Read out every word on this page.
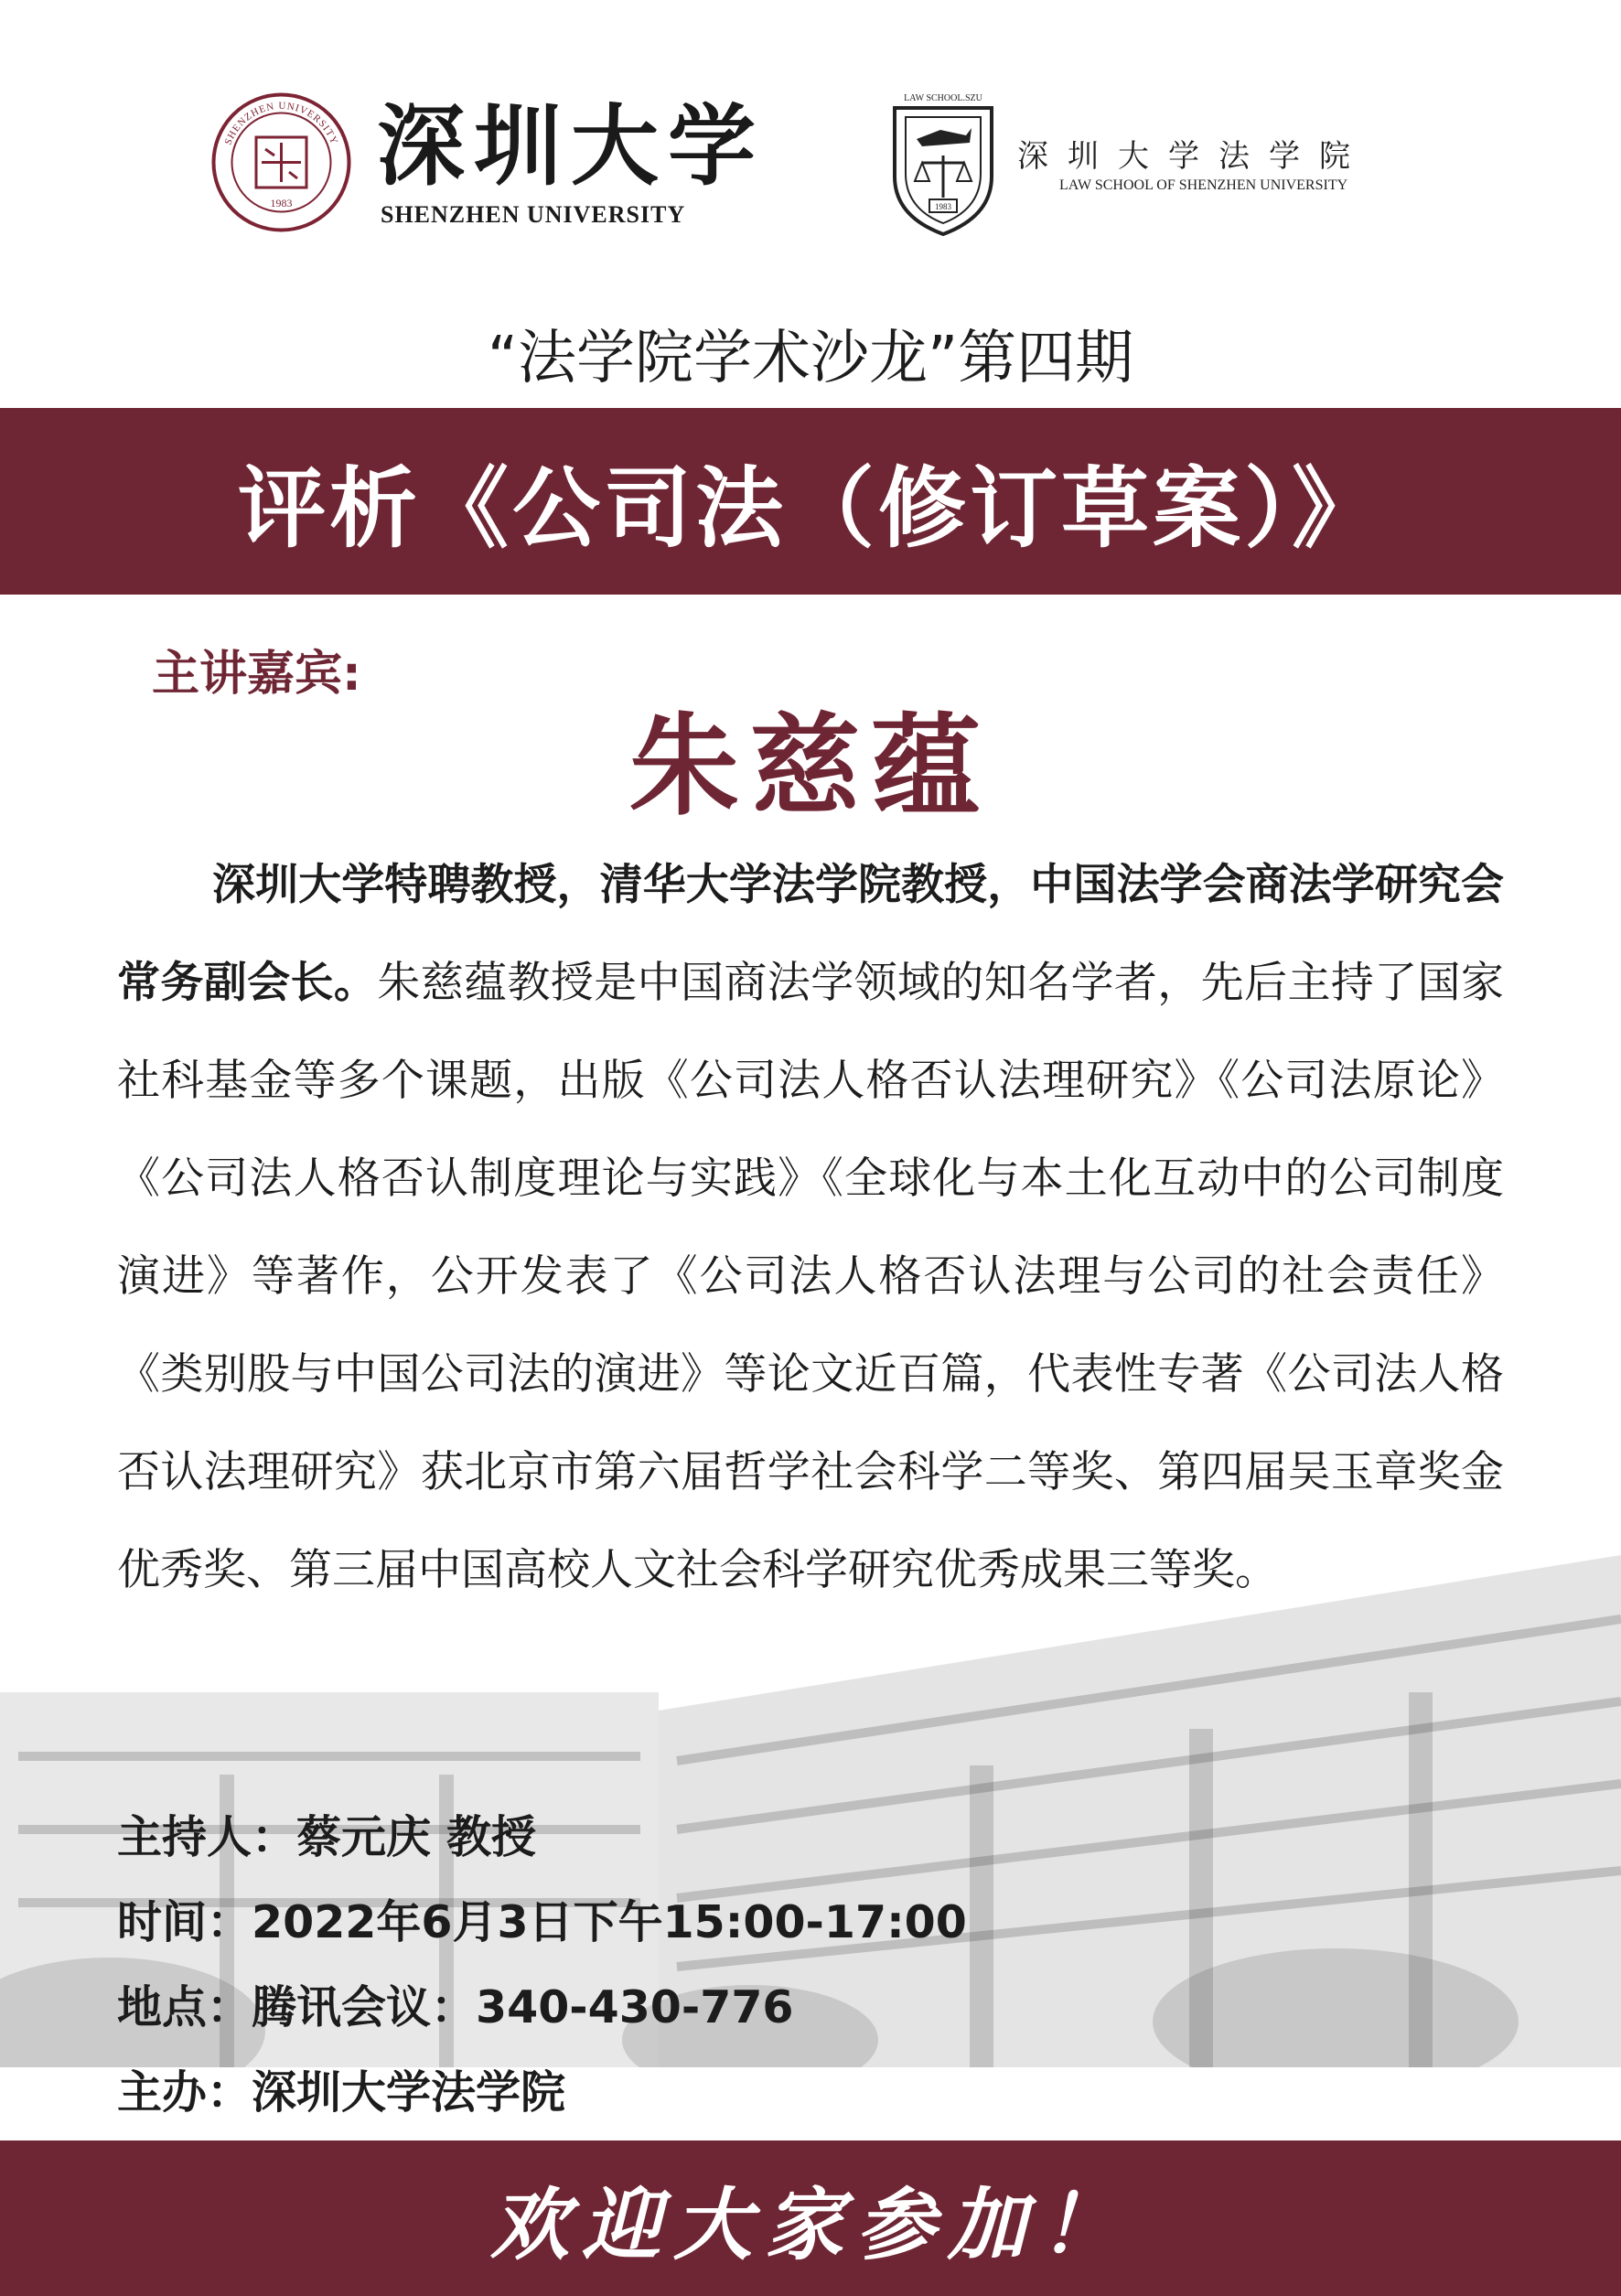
SHENZHEN UNIVERSITY
1983
深圳大学
SHENZHEN UNIVERSITY
LAW SCHOOL.SZU
1983
深圳大学法学院
LAW SCHOOL OF SHENZHEN UNIVERSITY
“法学院学术沙龙”第四期
评析《公司法（修订草案）》
主讲嘉宾:
朱慈蕴
深圳大学特聘教授，清华大学法学院教授，中国法学会商法学研究会常务副会长。朱慈蕴教授是中国商法学领域的知名学者，先后主持了国家社科基金等多个课题，出版《公司法人格否认法理研究》《公司法原论》《公司法人格否认制度理论与实践》《全球化与本土化互动中的公司制度演进》等著作，公开发表了《公司法人格否认法理与公司的社会责任》《类别股与中国公司法的演进》等论文近百篇，代表性专著《公司法人格否认法理研究》获北京市第六届哲学社会科学二等奖、第四届吴玉章奖金优秀奖、第三届中国高校人文社会科学研究优秀成果三等奖。
主持人：蔡元庆 教授
时间：2022年6月3日下午15:00-17:00
地点：腾讯会议：340-430-776
主办：深圳大学法学院
欢迎大家参加！
